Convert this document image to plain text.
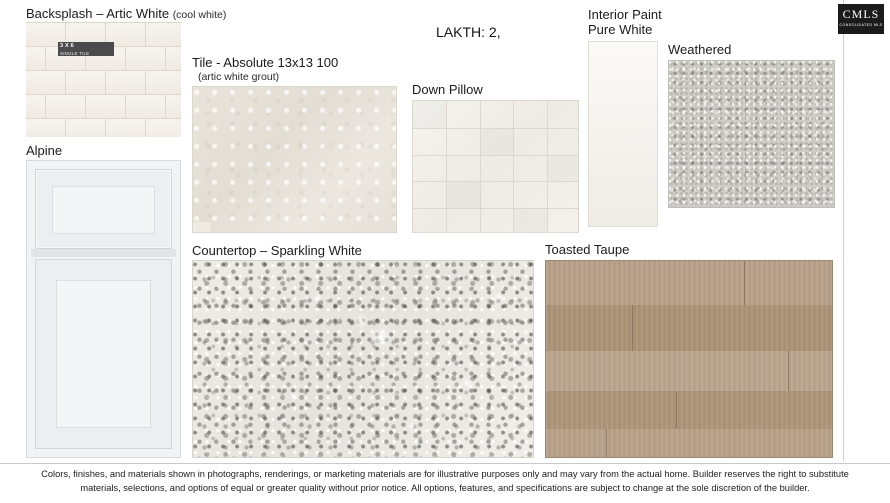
Backsplash – Artic White (cool white)
3 X 6
SINGLE TILE
Alpine
Tile - Absolute 13x13 100
(artic white grout)
Down Pillow
LAKTH: 2,
Interior Paint
Pure White
Weathered
Countertop – Sparkling White	Toasted Taupe
CMLS
CONSOLIDATED MLS

Colors, finishes, and materials shown in photographs, renderings, or marketing materials are for illustrative purposes only and may vary from the actual home. Builder reserves the right to substitute

materials, selections, and options of equal or greater quality without prior notice. All options, features, and specifications are subject to change at the sole discretion of the builder.
